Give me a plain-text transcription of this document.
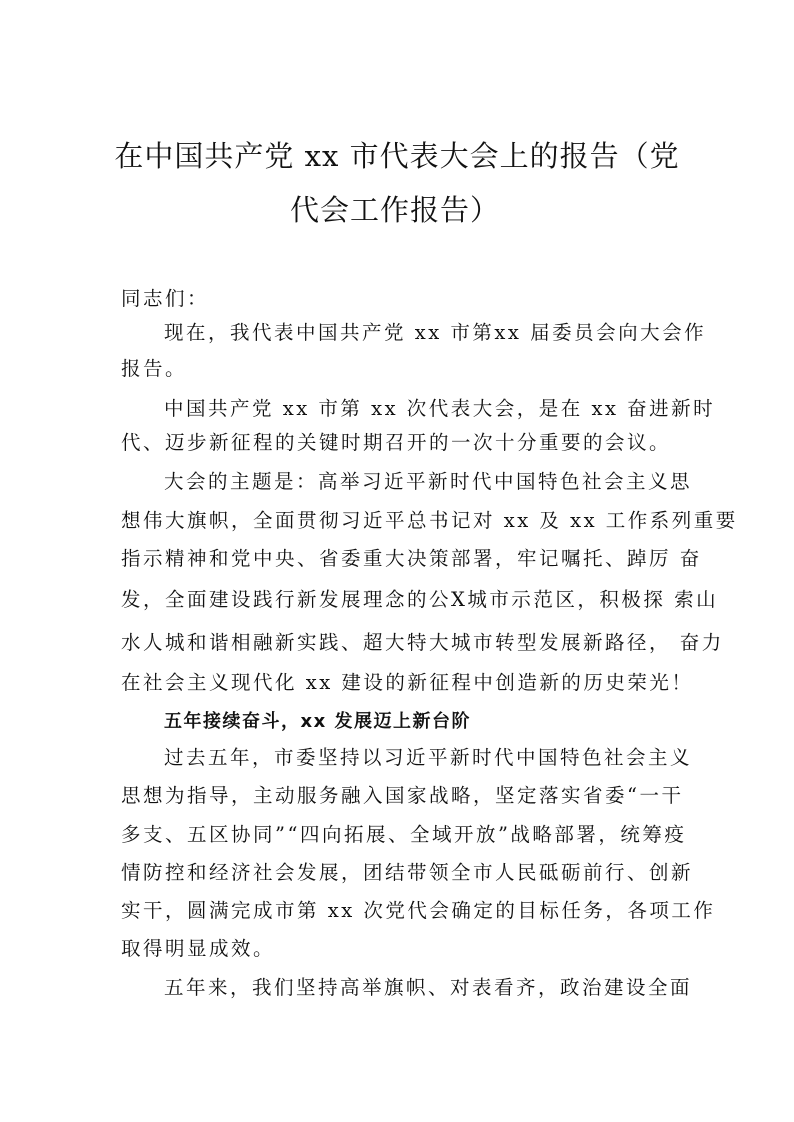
在中国共产党 xx 市代表大会上的报告（党
代会工作报告）

同志们：

现在，我代表中国共产党 xx 市第xx 届委员会向大会作

报告。

中国共产党 xx 市第 xx 次代表大会，是在 xx 奋进新时

代、迈步新征程的关键时期召开的一次十分重要的会议。

大会的主题是：高举习近平新时代中国特色社会主义思

想伟大旗帜，全面贯彻习近平总书记对 xx 及 xx 工作系列重要

指示精神和党中央、省委重大决策部署，牢记嘱托、踔厉 奋

发，全面建设践行新发展理念的公X城市示范区，积极探 索山

水人城和谐相融新实践、超大特大城市转型发展新路径， 奋力

在社会主义现代化 xx 建设的新征程中创造新的历史荣光！

五年接续奋斗，xx 发展迈上新台阶

过去五年，市委坚持以习近平新时代中国特色社会主义

思想为指导，主动服务融入国家战略，坚定落实省委“一干

多支、五区协同”“四向拓展、全域开放”战略部署，统筹疫

情防控和经济社会发展，团结带领全市人民砥砺前行、创新

实干，圆满完成市第 xx 次党代会确定的目标任务，各项工作

取得明显成效。

五年来，我们坚持高举旗帜、对表看齐，政治建设全面
